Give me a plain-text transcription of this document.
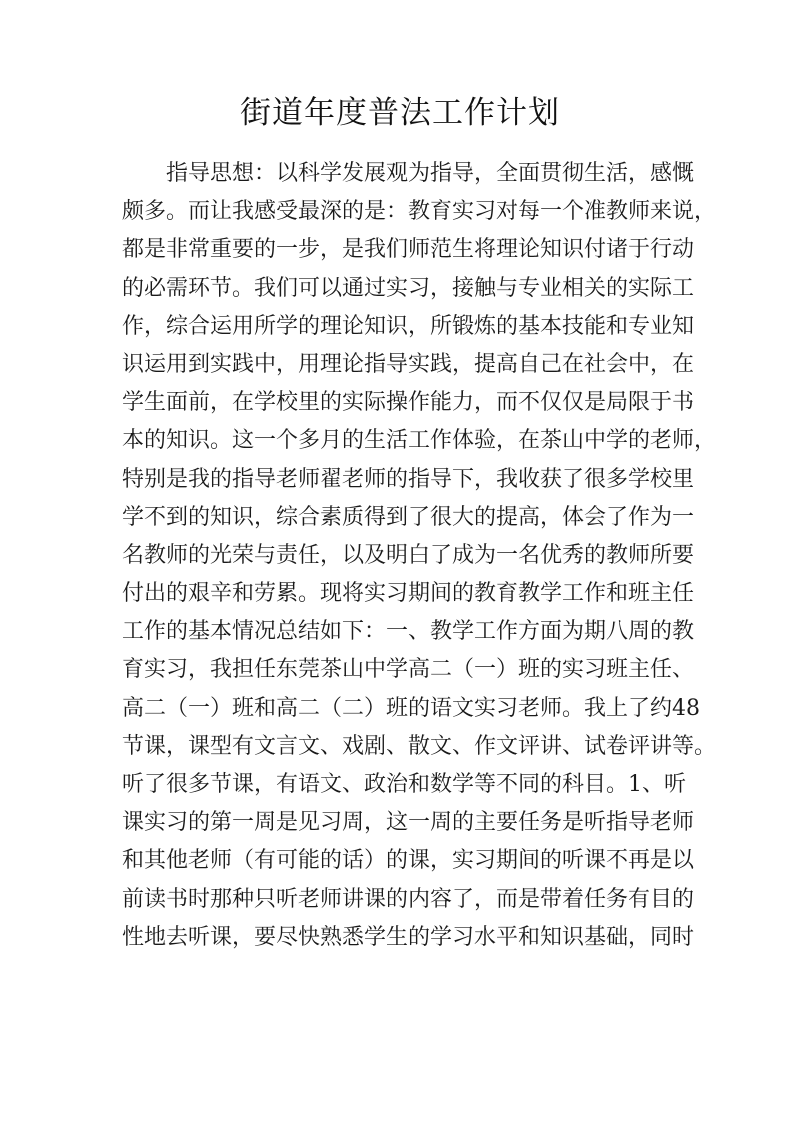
街道年度普法工作计划
指导思想：以科学发展观为指导，全面贯彻生活，感慨
颇多。而让我感受最深的是：教育实习对每一个准教师来说，
都是非常重要的一步，是我们师范生将理论知识付诸于行动
的必需环节。我们可以通过实习，接触与专业相关的实际工
作，综合运用所学的理论知识，所锻炼的基本技能和专业知
识运用到实践中，用理论指导实践，提高自己在社会中，在
学生面前，在学校里的实际操作能力，而不仅仅是局限于书
本的知识。这一个多月的生活工作体验，在茶山中学的老师，
特别是我的指导老师翟老师的指导下，我收获了很多学校里
学不到的知识，综合素质得到了很大的提高，体会了作为一
名教师的光荣与责任，以及明白了成为一名优秀的教师所要
付出的艰辛和劳累。现将实习期间的教育教学工作和班主任
工作的基本情况总结如下：一、教学工作方面为期八周的教
育实习，我担任东莞茶山中学高二（一）班的实习班主任、
高二（一）班和高二（二）班的语文实习老师。我上了约48
节课，课型有文言文、戏剧、散文、作文评讲、试卷评讲等。
听了很多节课，有语文、政治和数学等不同的科目。1、听
课实习的第一周是见习周，这一周的主要任务是听指导老师
和其他老师（有可能的话）的课，实习期间的听课不再是以
前读书时那种只听老师讲课的内容了，而是带着任务有目的
性地去听课，要尽快熟悉学生的学习水平和知识基础，同时
